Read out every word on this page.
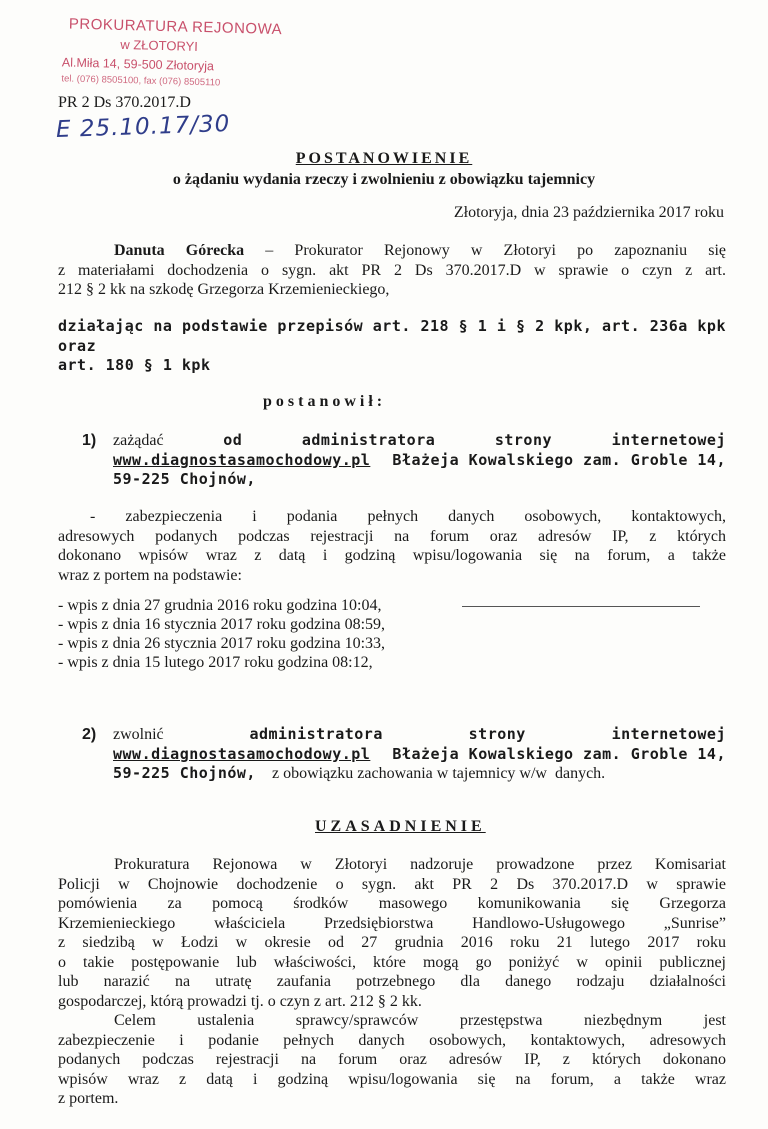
PROKURATURA REJONOWA
w ZŁOTORYI
Al.Miła 14, 59-500 Złotoryja
tel. (076) 8505100, fax (076) 8505110
PR 2 Ds 370.2017.D
E 25.10.17/30
POSTANOWIENIE
o żądaniu wydania rzeczy i zwolnieniu z obowiązku tajemnicy
Złotoryja, dnia 23 października 2017 roku
Danuta Górecka – Prokurator Rejonowy w Złotoryi po zapoznaniu się
z materiałami dochodzenia o sygn. akt PR 2 Ds 370.2017.D w sprawie o czyn z art.
212 § 2 kk na szkodę Grzegorza Krzemienieckiego,
działając na podstawie przepisów art. 218 § 1 i § 2 kpk, art. 236a kpk oraz
art. 180 § 1 kpk
postanowił:
1) zażądać	od	administratora	strony	internetowej
www.diagnostasamochodowy.pl Błażeja Kowalskiego zam. Groble 14,
59-225 Chojnów,
- zabezpieczenia i podania pełnych danych osobowych, kontaktowych,
adresowych podanych podczas rejestracji na forum oraz adresów IP, z których
dokonano wpisów wraz z datą i godziną wpisu/logowania się na forum, a także
wraz z portem na podstawie:
- wpis z dnia 27 grudnia 2016 roku godzina 10:04,
- wpis z dnia 16 stycznia 2017 roku godzina 08:59,
- wpis z dnia 26 stycznia 2017 roku godzina 10:33,
- wpis z dnia 15 lutego 2017 roku godzina 08:12,
2) zwolnić	administratora	strony	internetowej
www.diagnostasamochodowy.pl Błażeja Kowalskiego zam. Groble 14,
59-225 Chojnów,    z obowiązku zachowania w tajemnicy w/w  danych.
UZASADNIENIE
Prokuratura Rejonowa w Złotoryi nadzoruje prowadzone przez Komisariat
Policji w Chojnowie dochodzenie o sygn. akt PR 2 Ds 370.2017.D w sprawie
pomówienia za pomocą środków masowego komunikowania się Grzegorza
Krzemienieckiego właściciela Przedsiębiorstwa Handlowo-Usługowego „Sunrise”
z siedzibą w Łodzi w okresie od 27 grudnia 2016 roku 21 lutego 2017 roku
o takie postępowanie lub właściwości, które mogą go poniżyć w opinii publicznej
lub narazić na utratę zaufania potrzebnego dla danego rodzaju działalności
gospodarczej, którą prowadzi tj. o czyn z art. 212 § 2 kk.
Celem ustalenia sprawcy/sprawców przestępstwa niezbędnym jest
zabezpieczenie i podanie pełnych danych osobowych, kontaktowych, adresowych
podanych podczas rejestracji na forum oraz adresów IP, z których dokonano
wpisów wraz z datą i godziną wpisu/logowania się na forum, a także wraz
z portem.
